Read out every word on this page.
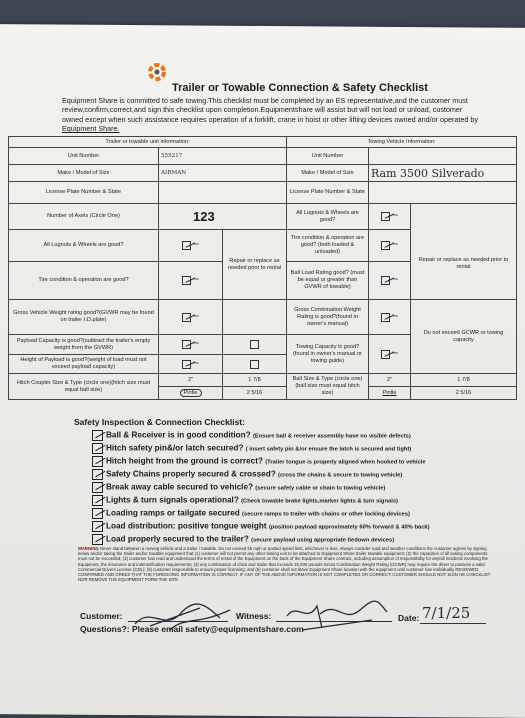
Trailer or Towable Connection & Safety Checklist
Equipment Share is committed to safe towing.This checklist must be completed by an ES representative,and the customer must
review,confirm,correct,and sign this checklist upon completion.Equipmentshare will assist but will not load or unload, customer
owned except when such assistance requires operation of a forklift, crane in hoist or other lifting devices owned and/or operated by
Equipment Share.
Trailer or towable unit information:			Towing Vehicle Information:		
Unit Number	555217		Unit Number		
Make / Model of Size	AIRMAN		Make / Model of Size	Ram 3500 Silverado	
License Plate Number & State			License Plate Number & State		
Number of Axels (Circle One)	123		All Lugnuts & Wheels are good?	$^{Yes}$	
All Lugnuts & Wheels are good?	$^{Yes}$	Repair or replace as needed prior to rental	Tire condition & operation are good? (both loaded & unloaded)	$^{Yes}$	Repair or replace as needed prior to rental
Tire condition & operation are good?	$^{Yes}$		Ball Load Rating good? (must be equal or greater than GVWR of towable)	$^{Yes}$
Gross Vehicle Weight rating good?(GVWR may be found on trailer I.D.plate)	$^{Yes}$		Gross Combination Weight Rating is good?(found in owner's manual)	$^{Yes}$	Do not exceed GCWR or towing capacity
Payload Capacity is good?(subtract the trailer's empty weight from the GVWR)	$^{Yes}$		Towing Capacity is good?(found in owner's manual or towing guide)	$^{Yes}$
Height of Payload is good?(weight of load must not exceed payload capacity)	$^{Yes}$	
Hitch Coupler Size & Type (circle one)(hitch size must equal ball size)	2"	1 7/8	Ball Size & Type (circle one) (ball size must equal hitch size)	2"	1 7/8
	Pintle	2 5/16		Pintle	2 5/16
Safety Inspection & Connection Checklist:
Ball & Receiver is in good condition? (Ensure ball & receiver assembly have no visible defects)
Hitch safety pin&/or latch secured? ( insert safety pin &/or ensure the latch is secured and tight)
Hitch height from the ground is correct? (Trailer tongue is properly aligned when hooked to vehicle
Safety Chains properly secured & crossed? (cross the chains & secure to towing vehicle)
Break away cable secured to vehicle? (secure safety cable or chain to towing vehicle)
Lights & turn signals operational? (Check towable brake lights,marker lights & turn signals)
Loading ramps or tailgate secured (secure ramps to trailer with chains or other locking devices)
Load distribution: positive tongue weight (position payload approximately 60% forward & 40% back)
Load properly secured to the trailer? (secure payload using appropriate tiedown devices)
WARNING Never stand between a moving vehicle and a trailer / towable. Do not exceed 55 mph or posted speed limit, whichever is less. Always consider road and weather conditions the customer agrees by signing below and/or taking the trailer and/or towable equipment that (1) customer will not permit any other towing unit to be attached to Equipment Share trailer towable equipment; (2) the capacities of all towing components must not be exceeded; (3) customer has read and understood the terms of rental of the Equipment on the back of the Equipment Share contract, including assumption of responsibility for any/all incidents involving the Equipment, the insurance and indemnification requirements; (4) any combination of chick and trailer that exceeds 25,000 pounds Gross Combination Weight Rating (GCWR) may require the driver to possess a valid Commercial Drivers License (CDL); (5) customer responsible to ensure proper licensing; and (6) customer shall not leave Equipment Share location with the equipment until customer has individually REVIEWED, CONFIRMED AND GREES THAT THE FOREGOING INFORMATION IS CORRECT. IF ANY OF THE ABOVE INFORMATION IS NOT COMPLETED OR CORRECT, CUSTOMER SHOULD NOT SIGN HE CHECKLIST NOR REMOVE THE EQUIPMENT FORM THE SITE
Customer:	Witness:	Date: 7/1/25
Questions?: Please email safety@equipmentshare.com
